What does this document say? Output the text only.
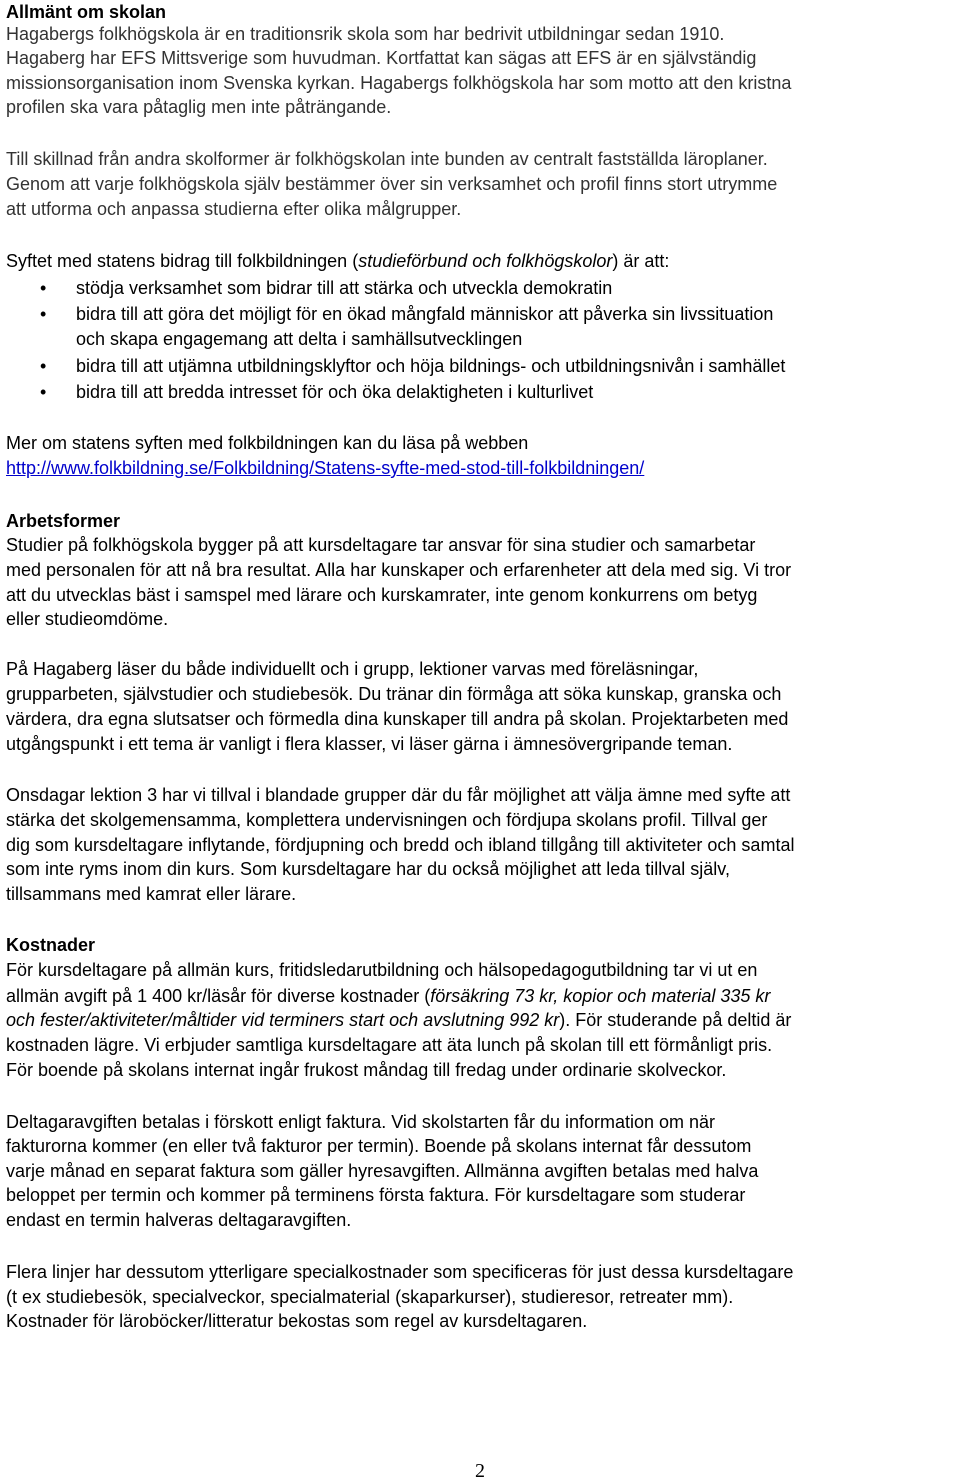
Allmänt om skolan
Hagabergs folkhögskola är en traditionsrik skola som har bedrivit utbildningar sedan 1910.
Hagaberg har EFS Mittsverige som huvudman. Kortfattat kan sägas att EFS är en självständig
missionsorganisation inom Svenska kyrkan. Hagabergs folkhögskola har som motto att den kristna
profilen ska vara påtaglig men inte påträngande.
Till skillnad från andra skolformer är folkhögskolan inte bunden av centralt fastställda läroplaner.
Genom att varje folkhögskola själv bestämmer över sin verksamhet och profil finns stort utrymme
att utforma och anpassa studierna efter olika målgrupper.
Syftet med statens bidrag till folkbildningen (studieförbund och folkhögskolor) är att:
• stödja verksamhet som bidrar till att stärka och utveckla demokratin
• bidra till att göra det möjligt för en ökad mångfald människor att påverka sin livssituation
och skapa engagemang att delta i samhällsutvecklingen
• bidra till att utjämna utbildningsklyftor och höja bildnings- och utbildningsnivån i samhället
• bidra till att bredda intresset för och öka delaktigheten i kulturlivet
Mer om statens syften med folkbildningen kan du läsa på webben
http://www.folkbildning.se/Folkbildning/Statens-syfte-med-stod-till-folkbildningen/
Arbetsformer
Studier på folkhögskola bygger på att kursdeltagare tar ansvar för sina studier och samarbetar
med personalen för att nå bra resultat. Alla har kunskaper och erfarenheter att dela med sig. Vi tror
att du utvecklas bäst i samspel med lärare och kurskamrater, inte genom konkurrens om betyg
eller studieomdöme.
På Hagaberg läser du både individuellt och i grupp, lektioner varvas med föreläsningar,
grupparbeten, självstudier och studiebesök. Du tränar din förmåga att söka kunskap, granska och
värdera, dra egna slutsatser och förmedla dina kunskaper till andra på skolan. Projektarbeten med
utgångspunkt i ett tema är vanligt i flera klasser, vi läser gärna i ämnesövergripande teman.
Onsdagar lektion 3 har vi tillval i blandade grupper där du får möjlighet att välja ämne med syfte att
stärka det skolgemensamma, komplettera undervisningen och fördjupa skolans profil. Tillval ger
dig som kursdeltagare inflytande, fördjupning och bredd och ibland tillgång till aktiviteter och samtal
som inte ryms inom din kurs. Som kursdeltagare har du också möjlighet att leda tillval själv,
tillsammans med kamrat eller lärare.
Kostnader
För kursdeltagare på allmän kurs, fritidsledarutbildning och hälsopedagogutbildning tar vi ut en
allmän avgift på 1 400 kr/läsår för diverse kostnader (försäkring 73 kr, kopior och material 335 kr
och fester/aktiviteter/måltider vid terminers start och avslutning 992 kr). För studerande på deltid är
kostnaden lägre. Vi erbjuder samtliga kursdeltagare att äta lunch på skolan till ett förmånligt pris.
För boende på skolans internat ingår frukost måndag till fredag under ordinarie skolveckor.
Deltagaravgiften betalas i förskott enligt faktura. Vid skolstarten får du information om när
fakturorna kommer (en eller två fakturor per termin). Boende på skolans internat får dessutom
varje månad en separat faktura som gäller hyresavgiften. Allmänna avgiften betalas med halva
beloppet per termin och kommer på terminens första faktura. För kursdeltagare som studerar
endast en termin halveras deltagaravgiften.
Flera linjer har dessutom ytterligare specialkostnader som specificeras för just dessa kursdeltagare
(t ex studiebesök, specialveckor, specialmaterial (skaparkurser), studieresor, retreater mm).
Kostnader för läroböcker/litteratur bekostas som regel av kursdeltagaren.
2
